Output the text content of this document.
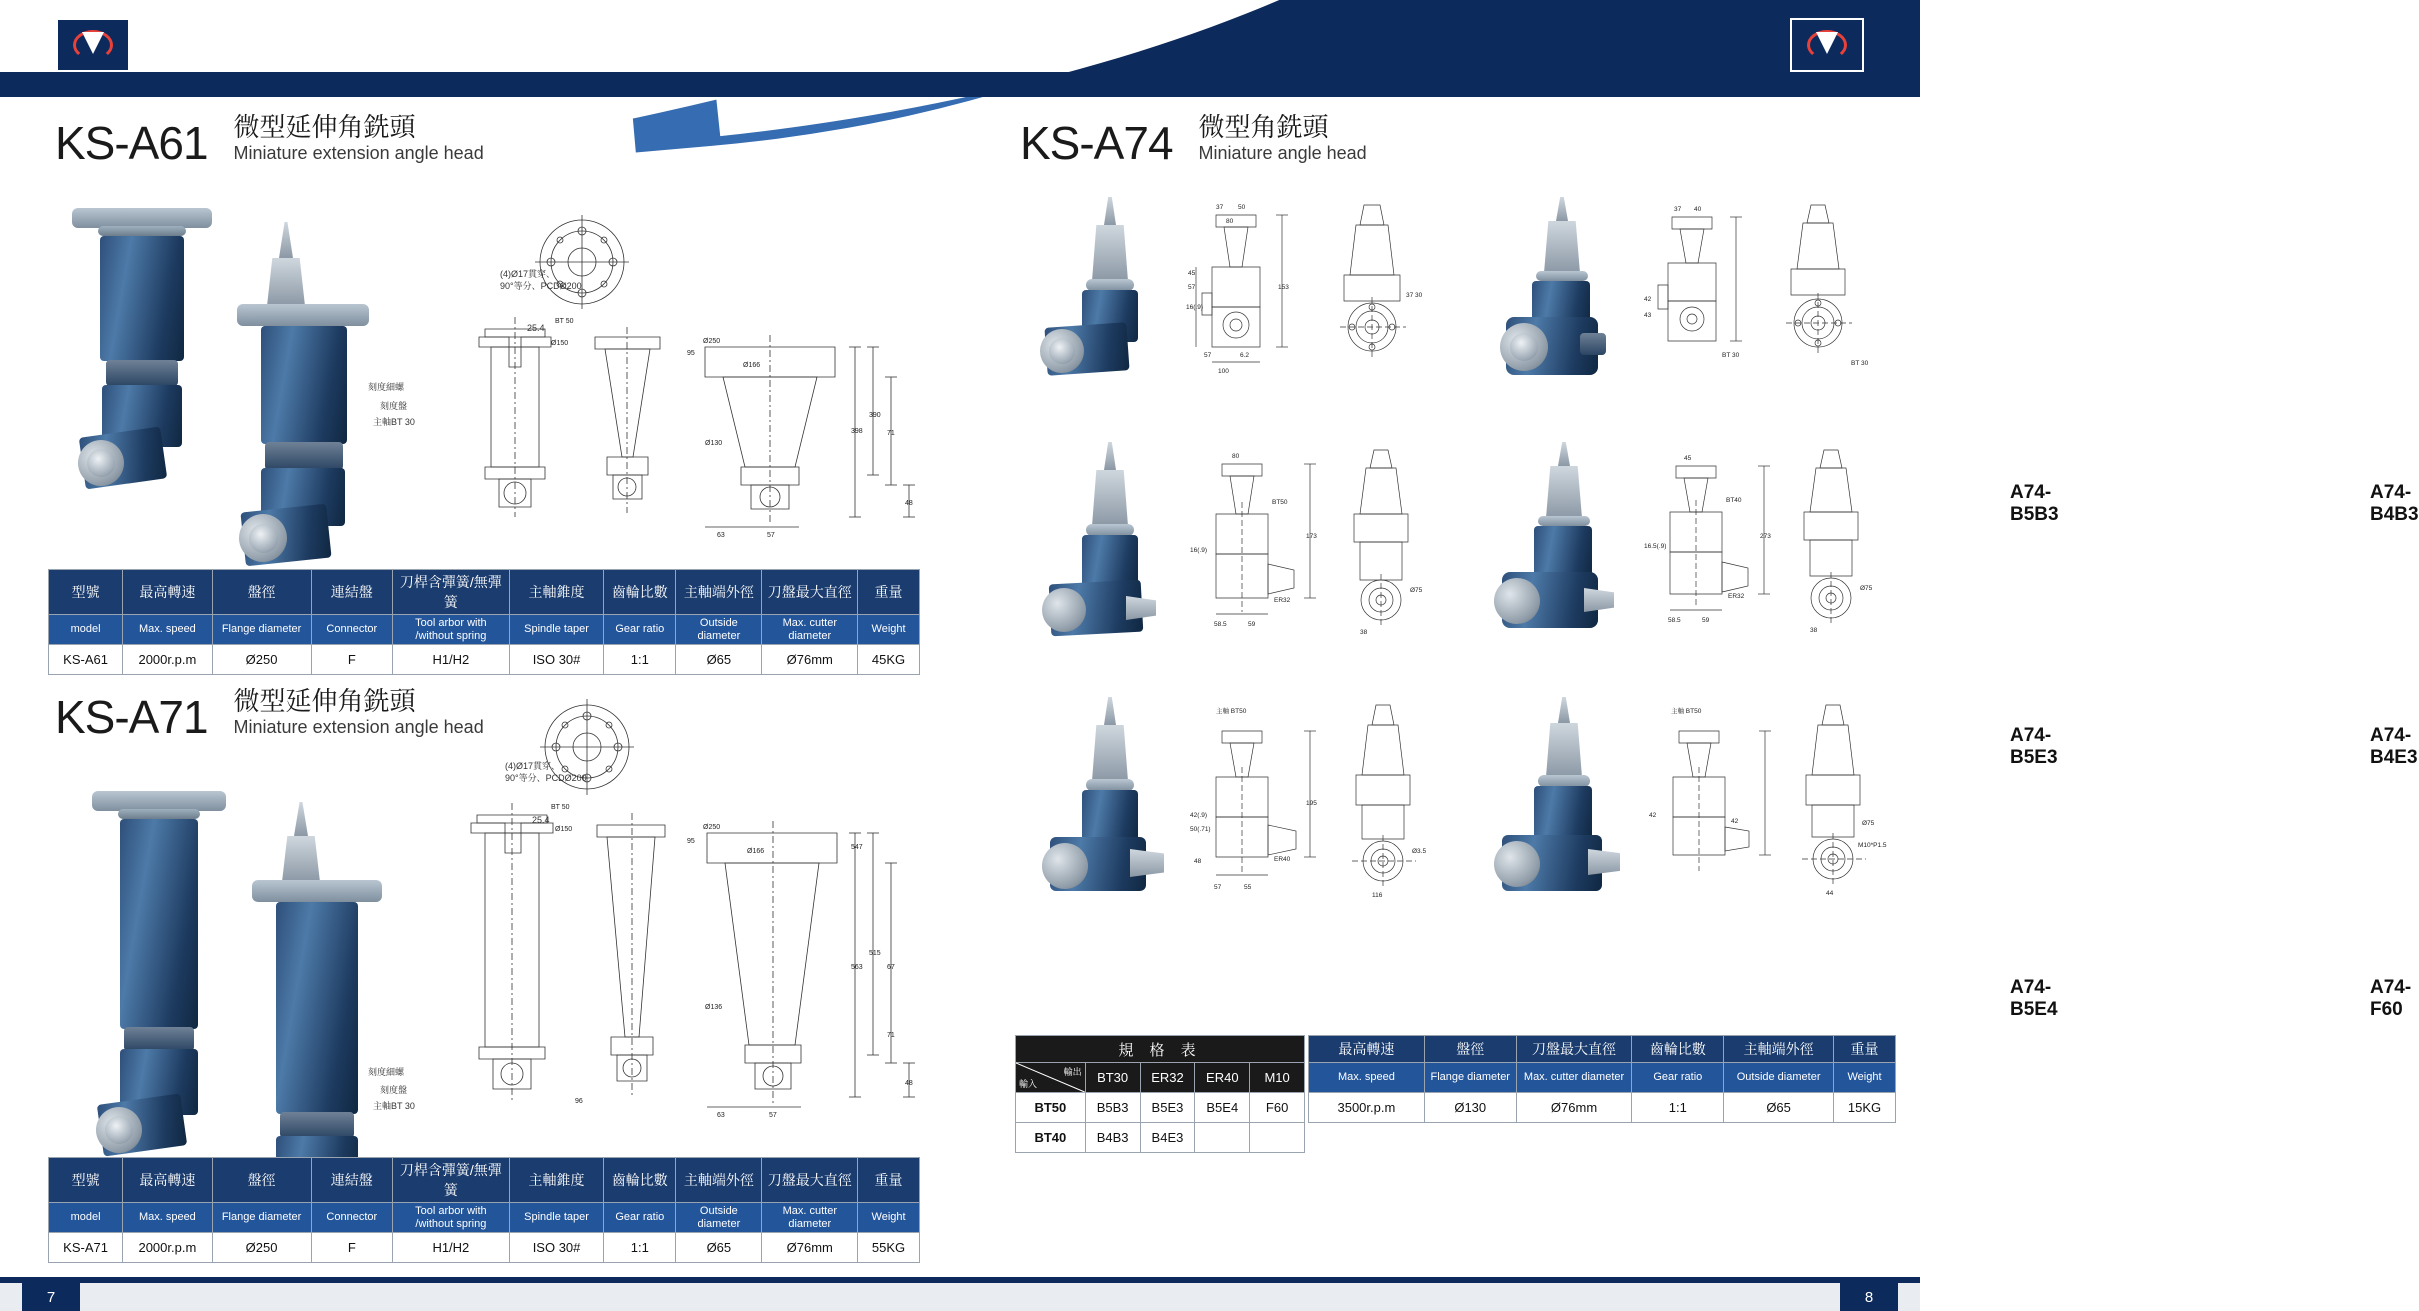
KS-A61 微型延伸角銑頭
Miniature extension angle head
398
390
71
48
63	57
BT 50
Ø150	Ø250
Ø166
Ø130
95
(4)Ø17貫穿、
90°等分、PCDØ200
25.4
刻度細螺
刻度盤
主軸BT 30
型號	最高轉速	盤徑	連結盤	刀桿含彈簧/無彈簧	主軸錐度	齒輪比數	主軸端外徑	刀盤最大直徑	重量
model	Max. speed	Flange diameter	Connector	Tool arbor with /without spring	Spindle taper	Gear ratio	Outside diameter	Max. cutter diameter	Weight
KS-A61	2000r.p.m	Ø250	F	H1/H2	ISO 30#	1:1	Ø65	Ø76mm	45KG
KS-A71 微型延伸角銑頭
Miniature extension angle head
563
515
67
48
63	57
BT 50
Ø150	Ø250
Ø166
Ø136
95
96
71
547
(4)Ø17貫穿、
90°等分、PCDØ200
25.4
刻度細螺
刻度盤
主軸BT 30
型號	最高轉速	盤徑	連結盤	刀桿含彈簧/無彈簧	主軸錐度	齒輪比數	主軸端外徑	刀盤最大直徑	重量
model	Max. speed	Flange diameter	Connector	Tool arbor with /without spring	Spindle taper	Gear ratio	Outside diameter	Max. cutter diameter	Weight
KS-A71	2000r.p.m	Ø250	F	H1/H2	ISO 30#	1:1	Ø65	Ø76mm	55KG
KS-A74 微型角銑頭
Miniature angle head
37 50
80
153
16(.9)
100
57	6.2
45
57
37 30
A74-B5B3
37 40
42
43
BT 30
BT 30
A74-B4B3
80
BT50
173
16(.9)
ER32
58.5	59
Ø75
38
A74-B5E3
45
BT40
273
16.5(.9)
ER32
58.5	59
Ø75
38
A74-B4E3
主軸 BT50
195
42(.9)
50(.71)
ER40
57	55
48
Ø3.5
116
A74-B5E4
主軸 BT50
42
42
M10*P1.5
44
Ø75
A74-F60
規 格 表				

輸入
輸出	BT30	ER32	ER40	M10
BT50	B5B3	B5E3	B5E4	F60
BT40	B4B3	B4E3		
最高轉速	盤徑	刀盤最大直徑	齒輪比數	主軸端外徑	重量
Max. speed	Flange diameter	Max. cutter diameter	Gear ratio	Outside diameter	Weight
3500r.p.m	Ø130	Ø76mm	1:1	Ø65	15KG
7	8
